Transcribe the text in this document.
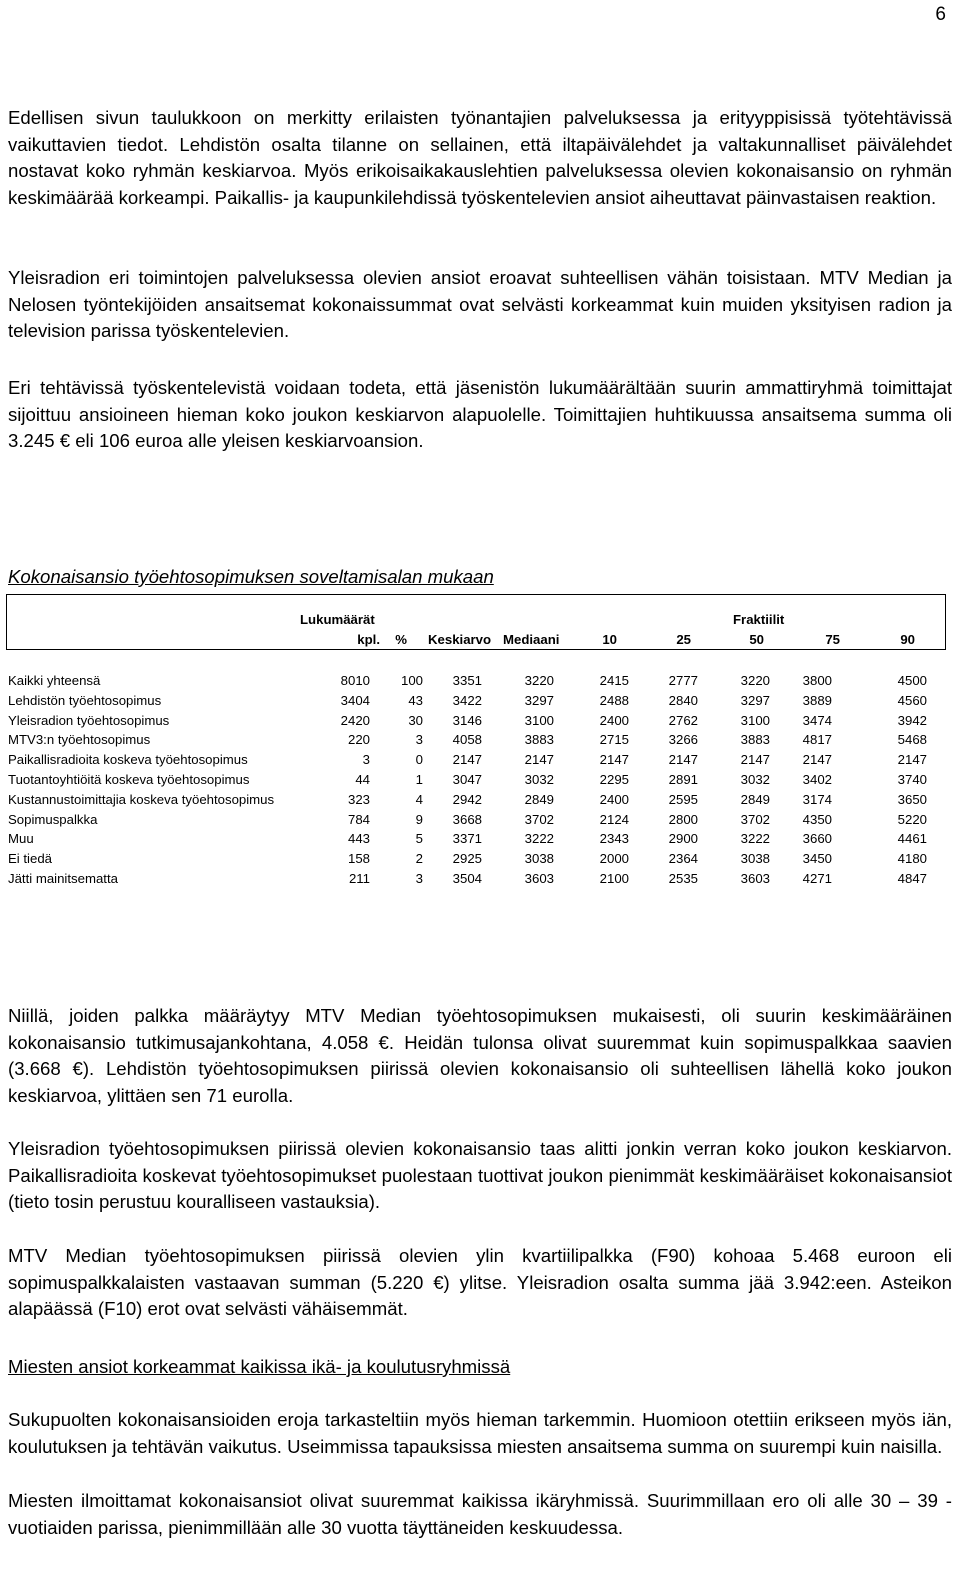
6

Edellisen sivun taulukkoon on merkitty erilaisten työnantajien palveluksessa ja erityyppisissä työtehtävissä vaikuttavien tiedot. Lehdistön osalta tilanne on sellainen, että iltapäivälehdet ja valtakunnalliset päivälehdet nostavat koko ryhmän keskiarvoa. Myös erikoisaikakauslehtien palveluksessa olevien kokonaisansio on ryhmän keskimäärää korkeampi. Paikallis- ja kaupunkilehdissä työskentelevien ansiot aiheuttavat päinvastaisen reaktion.

Yleisradion eri toimintojen palveluksessa olevien ansiot eroavat suhteellisen vähän toisistaan. MTV Median ja Nelosen työntekijöiden ansaitsemat kokonaissummat ovat selvästi korkeammat kuin muiden yksityisen radion ja television parissa työskentelevien.

Eri tehtävissä työskentelevistä voidaan todeta, että jäsenistön lukumäärältään suurin ammattiryhmä toimittajat sijoittuu ansioineen hieman koko joukon keskiarvon alapuolelle. Toimittajien huhtikuussa ansaitsema summa oli 3.245 € eli 106 euroa alle yleisen keskiarvoansion.

Kokonaisansio työehtosopimuksen soveltamisalan mukaan

Lukumäärät	Fraktiilit
kpl. % Keskiarvo Mediaani	10	25	50	75	90
Kaikki yhteensä	8010 100 3351	3220	2415	2777	3220 3800	4500
Lehdistön työehtosopimus	3404	43 3422	3297	2488	2840	3297 3889	4560
Yleisradion työehtosopimus	2420	30 3146	3100	2400	2762	3100 3474	3942
MTV3:n työehtosopimus	220	3 4058	3883	2715	3266	3883 4817	5468
Paikallisradioita koskeva työehtosopimus	3	0 2147	2147	2147	2147	2147 2147	2147
Tuotantoyhtiöitä koskeva työehtosopimus	44	1 3047	3032	2295	2891	3032 3402	3740
Kustannustoimittajia koskeva työehtosopimus	323	4 2942	2849	2400	2595	2849 3174	3650
Sopimuspalkka	784	9 3668	3702	2124	2800	3702 4350	5220
Muu	443	5 3371	3222	2343	2900	3222 3660	4461
Ei tiedä	158	2 2925	3038	2000	2364	3038 3450	4180
Jätti mainitsematta	211	3 3504	3603	2100	2535	3603 4271	4847

Niillä, joiden palkka määräytyy MTV Median työehtosopimuksen mukaisesti, oli suurin keskimääräinen kokonaisansio tutkimusajankohtana, 4.058 €. Heidän tulonsa olivat suuremmat kuin sopimuspalkkaa saavien (3.668 €). Lehdistön työehtosopimuksen piirissä olevien kokonaisansio oli suhteellisen lähellä koko joukon keskiarvoa, ylittäen sen 71 eurolla.

Yleisradion työehtosopimuksen piirissä olevien kokonaisansio taas alitti jonkin verran koko joukon keskiarvon. Paikallisradioita koskevat työehtosopimukset puolestaan tuottivat joukon pienimmät keskimääräiset kokonaisansiot (tieto tosin perustuu kouralliseen vastauksia).

MTV Median työehtosopimuksen piirissä olevien ylin kvartiilipalkka (F90) kohoaa 5.468 euroon eli sopimuspalkkalaisten vastaavan summan (5.220 €) ylitse. Yleisradion osalta summa jää 3.942:een. Asteikon alapäässä (F10) erot ovat selvästi vähäisemmät.

Miesten ansiot korkeammat kaikissa ikä- ja koulutusryhmissä

Sukupuolten kokonaisansioiden eroja tarkasteltiin myös hieman tarkemmin. Huomioon otettiin erikseen myös iän, koulutuksen ja tehtävän vaikutus. Useimmissa tapauksissa miesten ansaitsema summa on suurempi kuin naisilla.

Miesten ilmoittamat kokonaisansiot olivat suuremmat kaikissa ikäryhmissä. Suurimmillaan ero oli alle 30 – 39 -vuotiaiden parissa, pienimmillään alle 30 vuotta täyttäneiden keskuudessa.
